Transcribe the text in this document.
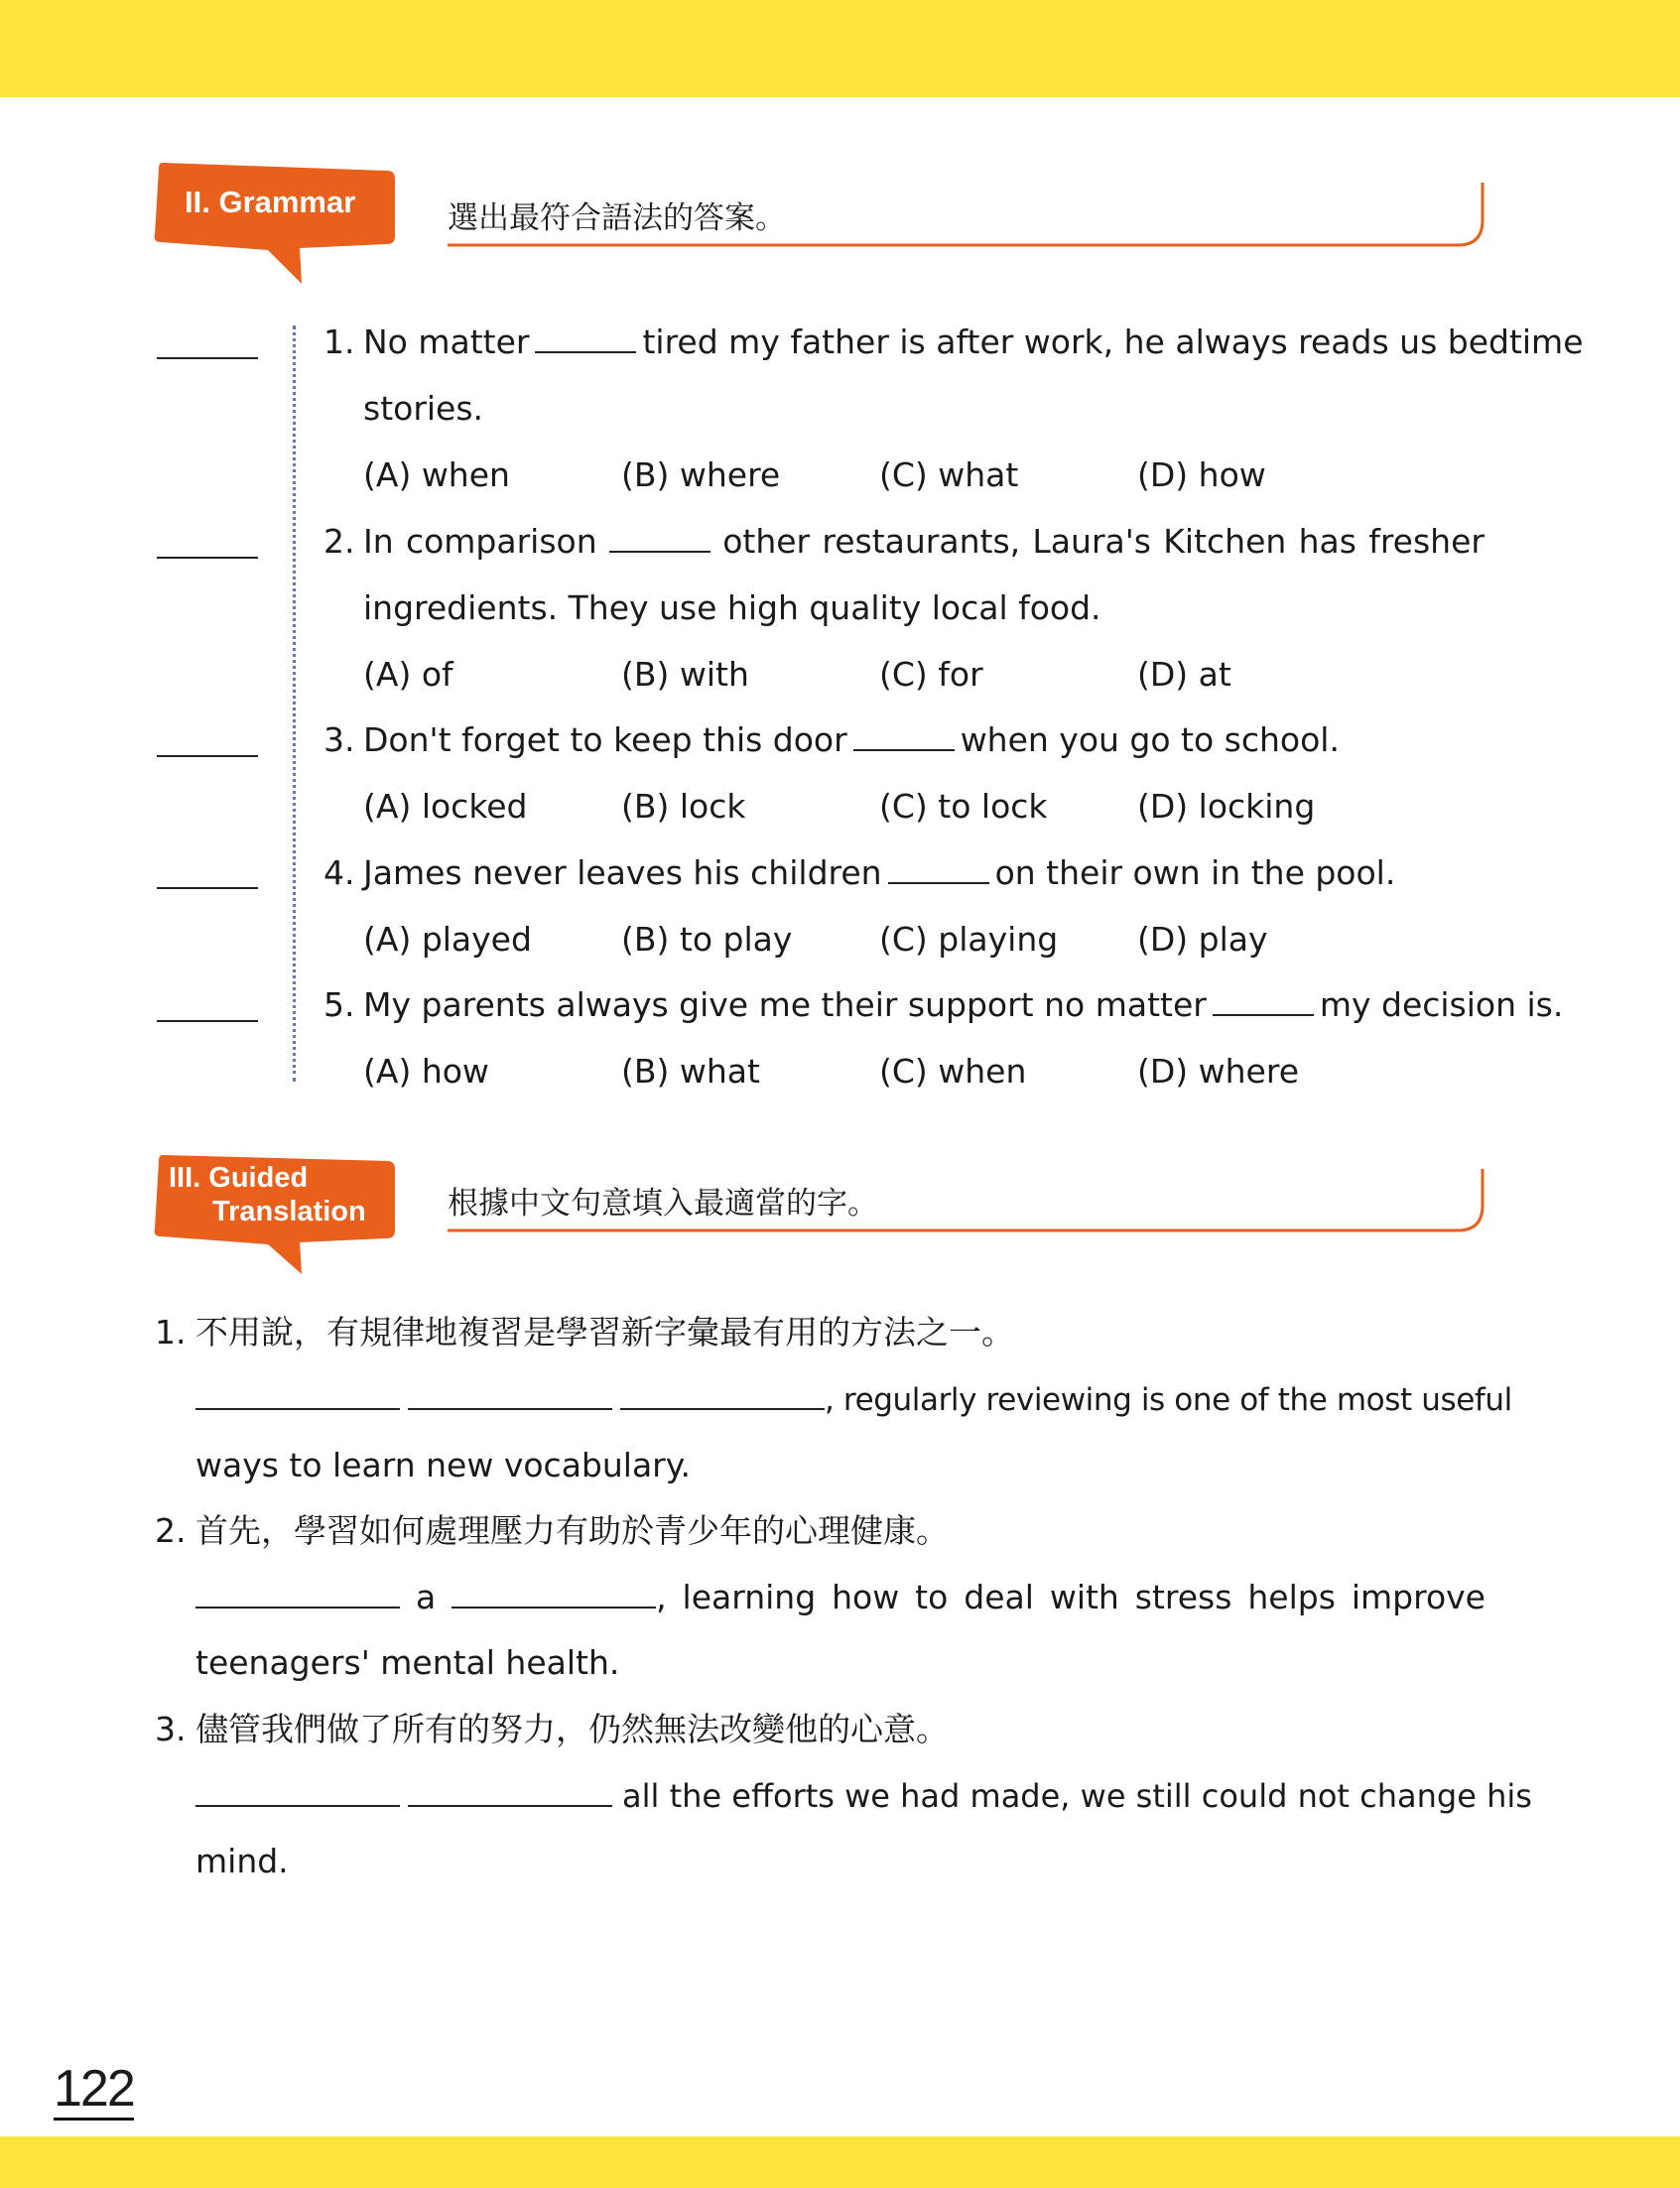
II. Grammar	選出最符合語法的答案。
1. No matter	tired my father is after work, he always reads us bedtime
stories.
(A) when	(B) where	(C) what	(D) how
2. In comparison	other restaurants, Laura's Kitchen has fresher
ingredients. They use high quality local food.
(A) of	(B) with	(C) for	(D) at
3. Don't forget to keep this door	when you go to school.
(A) locked	(B) lock	(C) to lock	(D) locking
4. James never leaves his children	on their own in the pool.
(A) played	(B) to play	(C) playing (D) play
5. My parents always give me their support no matter	my decision is.
(A) how	(B) what	(C) when	(D) where
III. Guided
Translation	根據中文句意填入最適當的字。
1. 不用說，有規律地複習是學習新字彙最有用的方法之一。
, regularly reviewing is one of the most useful
ways to learn new vocabulary.
2. 首先，學習如何處理壓力有助於青少年的心理健康。
a	, learning how to deal with stress helps improve
teenagers' mental health.
3. 儘管我們做了所有的努力，仍然無法改變他的心意。
all the efforts we had made, we still could not change his
mind.
122
